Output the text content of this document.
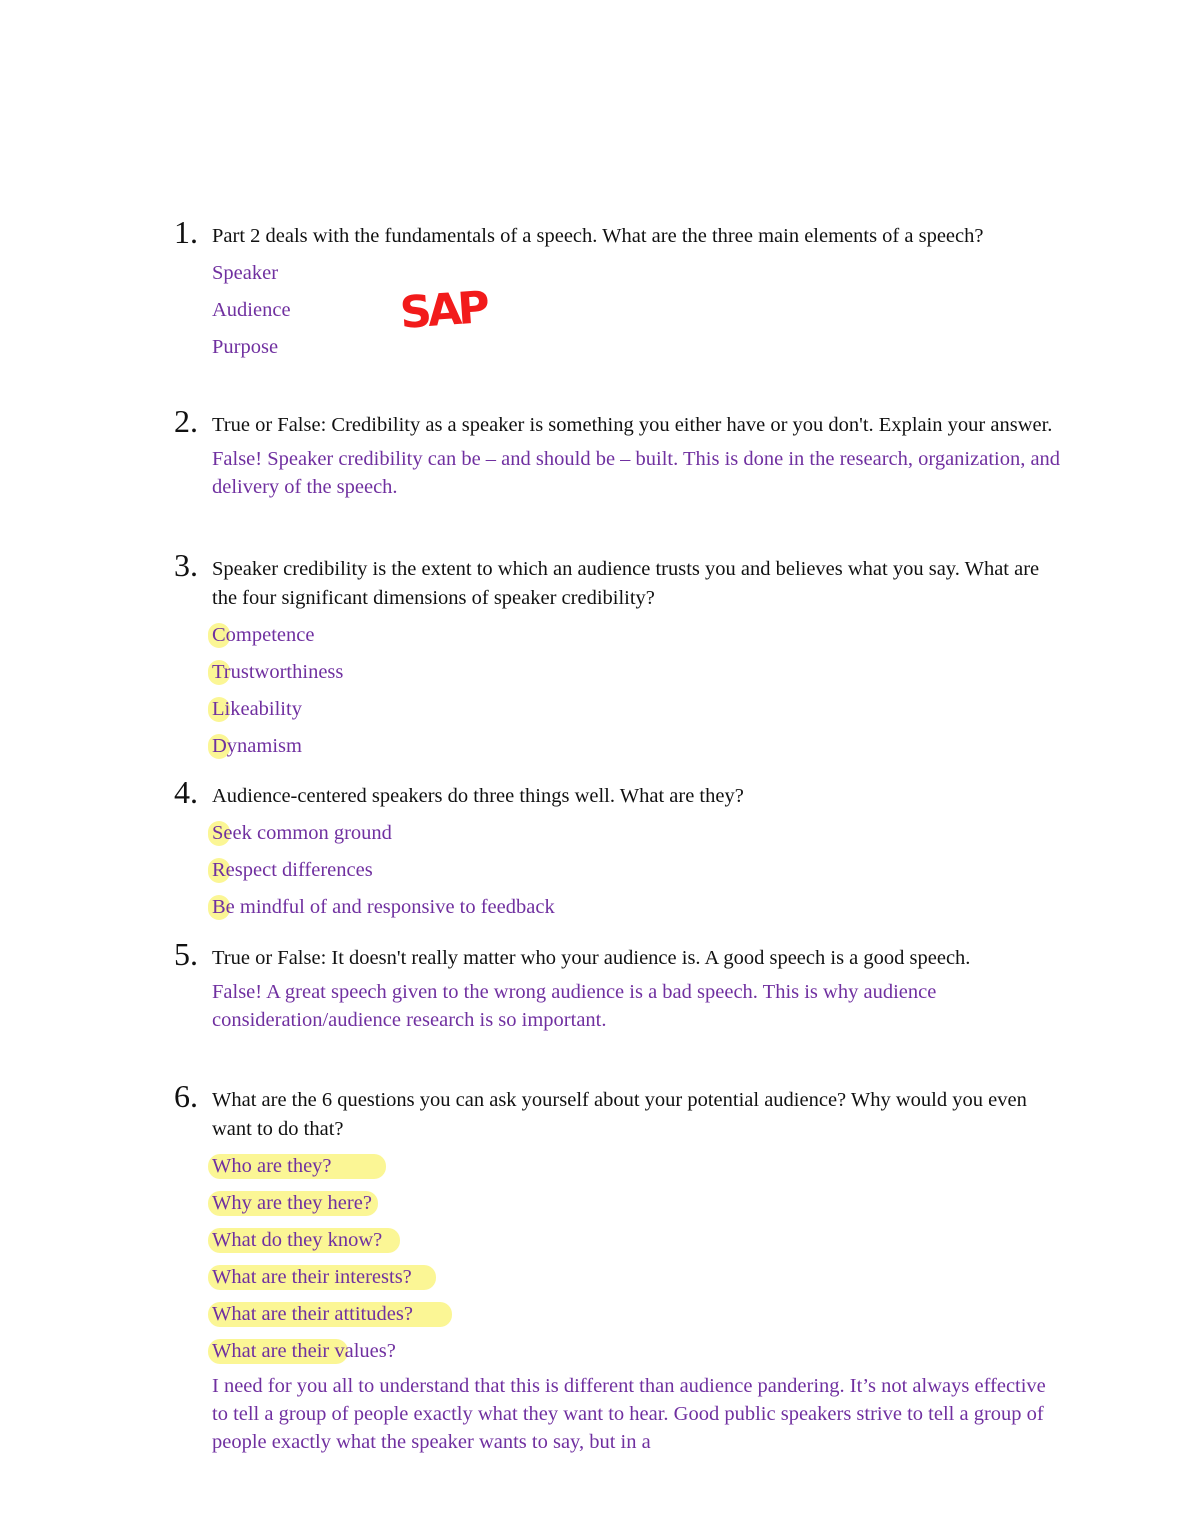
1. Part 2 deals with the fundamentals of a speech. What are the three main elements of a speech?
Speaker
Audience
Purpose
SAP
2. True or False: Credibility as a speaker is something you either have or you don't. Explain your answer.
False! Speaker credibility can be – and should be – built. This is done in the research, organization, and delivery of the speech.
3. Speaker credibility is the extent to which an audience trusts you and believes what you say. What are the four significant dimensions of speaker credibility?
Competence
Trustworthiness
Likeability
Dynamism
4. Audience-centered speakers do three things well. What are they?
Seek common ground
Respect differences
Be mindful of and responsive to feedback
5. True or False: It doesn't really matter who your audience is. A good speech is a good speech.
False! A great speech given to the wrong audience is a bad speech. This is why audience consideration/audience research is so important.
6. What are the 6 questions you can ask yourself about your potential audience? Why would you even want to do that?
Who are they?
Why are they here?
What do they know?
What are their interests?
What are their attitudes?
What are their values?
I need for you all to understand that this is different than audience pandering. It’s not always effective to tell a group of people exactly what they want to hear. Good public speakers strive to tell a group of people exactly what the speaker wants to say, but in a
